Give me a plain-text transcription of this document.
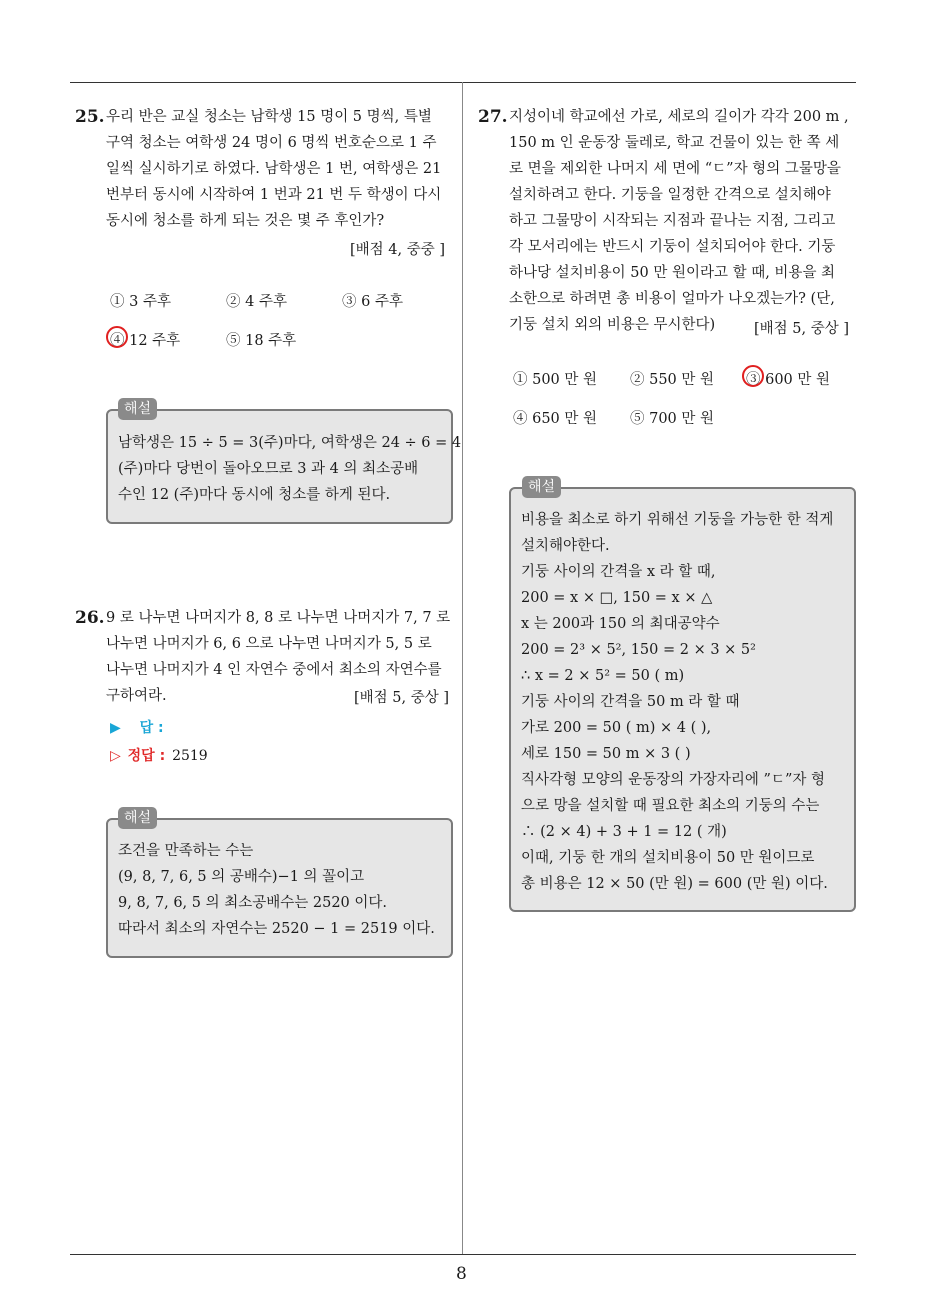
25. 우리 반은 교실 청소는 남학생 15 명이 5 명씩, 특별
구역 청소는 여학생 24 명이 6 명씩 번호순으로 1 주
일씩 실시하기로 하였다. 남학생은 1 번, 여학생은 21
번부터 동시에 시작하여 1 번과 21 번 두 학생이 다시
동시에 청소를 하게 되는 것은 몇 주 후인가?
[배점 4, 중중 ]
① 3 주후	② 4 주후	③ 6 주후
④ 12 주후	⑤ 18 주후
남학생은 15 ÷ 5 = 3(주)마다, 여학생은 24 ÷ 6 = 4
(주)마다 당번이 돌아오므로 3 과 4 의 최소공배
수인 12 (주)마다 동시에 청소를 하게 된다.
해설
26. 9 로 나누면 나머지가 8, 8 로 나누면 나머지가 7, 7 로
나누면 나머지가 6, 6 으로 나누면 나머지가 5, 5 로
나누면 나머지가 4 인 자연수 중에서 최소의 자연수를
구하여라.	[배점 5, 중상 ]
▶ 답 :
▷ 정답 : 2519
조건을 만족하는 수는
(9, 8, 7, 6, 5 의 공배수)−1 의 꼴이고
9, 8, 7, 6, 5 의 최소공배수는 2520 이다.
따라서 최소의 자연수는 2520 − 1 = 2519 이다.
해설
27. 지성이네 학교에선 가로, 세로의 길이가 각각 200 m ,
150 m 인 운동장 둘레로, 학교 건물이 있는 한 쪽 세
로 면을 제외한 나머지 세 면에 “ㄷ”자 형의 그물망을
설치하려고 한다. 기둥을 일정한 간격으로 설치해야
하고 그물망이 시작되는 지점과 끝나는 지점, 그리고
각 모서리에는 반드시 기둥이 설치되어야 한다. 기둥
하나당 설치비용이 50 만 원이라고 할 때, 비용을 최
소한으로 하려면 총 비용이 얼마가 나오겠는가? (단,
기둥 설치 외의 비용은 무시한다)	[배점 5, 중상 ]
① 500 만 원 ② 550 만 원 ③ 600 만 원
④ 650 만 원 ⑤ 700 만 원
비용을 최소로 하기 위해선 기둥을 가능한 한 적게
설치해야한다.
기둥 사이의 간격을 x 라 할 때,
200 = x × □, 150 = x × △
x 는 200과 150 의 최대공약수
200 = 2³ × 5², 150 = 2 × 3 × 5²
∴ x = 2 × 5² = 50 ( m)
기둥 사이의 간격을 50 m 라 할 때
가로 200 = 50 ( m) × 4 ( ),
세로 150 = 50 m × 3 ( )
직사각형 모양의 운동장의 가장자리에 ”ㄷ”자 형
으로 망을 설치할 때 필요한 최소의 기둥의 수는
∴ (2 × 4) + 3 + 1 = 12 ( 개)
이때, 기둥 한 개의 설치비용이 50 만 원이므로
총 비용은 12 × 50 (만 원) = 600 (만 원) 이다.
해설
8
